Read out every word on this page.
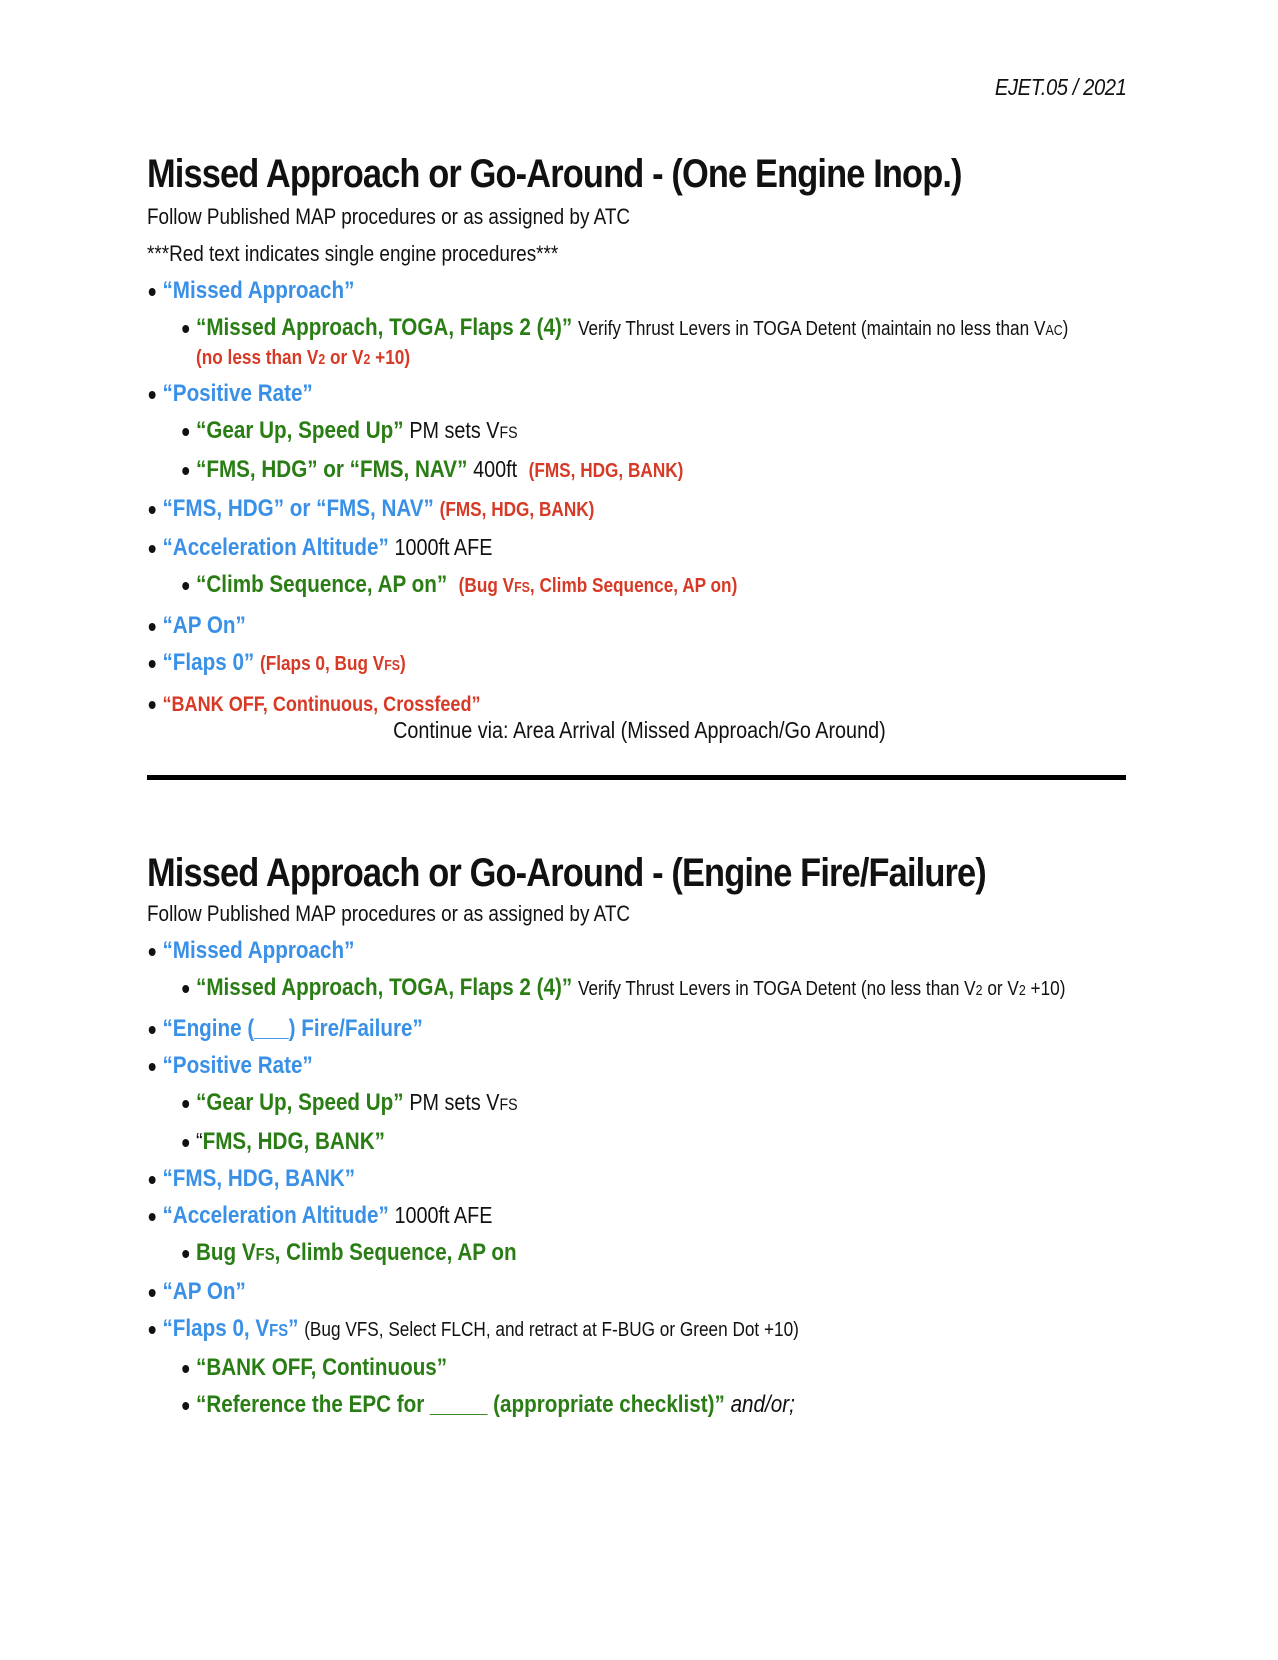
EJET.05 / 2021
Missed Approach or Go-Around - (One Engine Inop.)

Follow Published MAP procedures or as assigned by ATC

***Red text indicates single engine procedures***

“Missed Approach”
“Missed Approach, TOGA, Flaps 2 (4)” Verify Thrust Levers in TOGA Detent (maintain no less than VAC)
(no less than V2 or V2 +10)
“Positive Rate”
“Gear Up, Speed Up” PM sets VFS
“FMS, HDG” or “FMS, NAV” 400ft (FMS, HDG, BANK)
“FMS, HDG” or “FMS, NAV” (FMS, HDG, BANK)
“Acceleration Altitude” 1000ft AFE
“Climb Sequence, AP on” (Bug VFS, Climb Sequence, AP on)
“AP On”
“Flaps 0” (Flaps 0, Bug VFS)
“BANK OFF, Continuous, Crossfeed”
Continue via: Area Arrival (Missed Approach/Go Around)
Missed Approach or Go-Around - (Engine Fire/Failure)

Follow Published MAP procedures or as assigned by ATC

“Missed Approach”
“Missed Approach, TOGA, Flaps 2 (4)” Verify Thrust Levers in TOGA Detent (no less than V2 or V2 +10)
“Engine (___) Fire/Failure”
“Positive Rate”
“Gear Up, Speed Up” PM sets VFS
“FMS, HDG, BANK”
“FMS, HDG, BANK”
“Acceleration Altitude” 1000ft AFE
Bug VFS, Climb Sequence, AP on
“AP On”
“Flaps 0, VFS” (Bug VFS, Select FLCH, and retract at F-BUG or Green Dot +10)
“BANK OFF, Continuous”
“Reference the EPC for _____ (appropriate checklist)” and/or;
